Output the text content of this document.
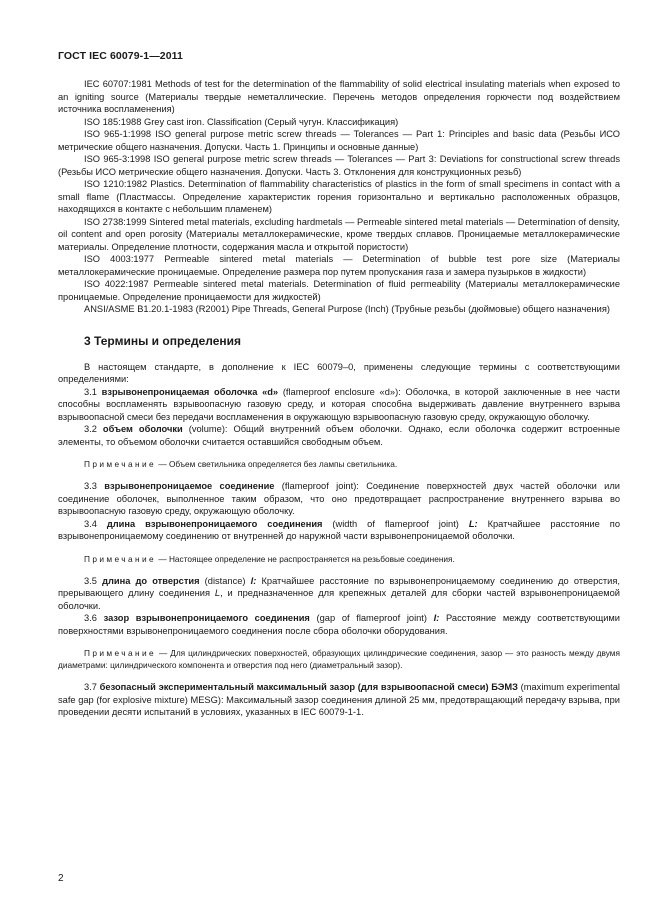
ГОСТ IEC 60079-1—2011

IEC 60707:1981 Methods of test for the determination of the flammability of solid electrical insulating materials when exposed to an igniting source (Материалы твердые неметаллические. Перечень методов определения горючести под воздействием источника воспламенения)

ISO 185:1988 Grey cast iron. Classification (Серый чугун. Классификация)

ISO 965-1:1998 ISO general purpose metric screw threads — Tolerances — Part 1: Principles and basic data (Резьбы ИСО метрические общего назначения. Допуски. Часть 1. Принципы и основные данные)

ISO 965-3:1998 ISO general purpose metric screw threads — Tolerances — Part 3: Deviations for constructional screw threads (Резьбы ИСО метрические общего назначения. Допуски. Часть 3. Отклонения для конструкционных резьб)

ISO 1210:1982 Plastics. Determination of flammability characteristics of plastics in the form of small specimens in contact with a small flame (Пластмассы. Определение характеристик горения горизонтально и вертикально расположенных образцов, находящихся в контакте с небольшим пламенем)

ISO 2738:1999 Sintered metal materials, excluding hardmetals — Permeable sintered metal materials — Determination of density, oil content and open porosity (Материалы металлокерамические, кроме твердых сплавов. Проницаемые металлокерамические материалы. Определение плотности, содержания масла и открытой пористости)

ISO 4003:1977 Permeable sintered metal materials — Determination of bubble test pore size (Материалы металлокерамические проницаемые. Определение размера пор путем пропускания газа и замера пузырьков в жидкости)

ISO 4022:1987 Permeable sintered metal materials. Determination of fluid permeability (Материалы металлокерамические проницаемые. Определение проницаемости для жидкостей)

ANSI/ASME B1.20.1-1983 (R2001) Pipe Threads, General Purpose (Inch) (Трубные резьбы (дюймовые) общего назначения)

3 Термины и определения

В настоящем стандарте, в дополнение к IEC 60079–0, применены следующие термины с соответствующими определениями:

3.1 взрывонепроницаемая оболочка «d» (flameproof enclosure «d»): Оболочка, в которой заключенные в нее части способны воспламенять взрывоопасную газовую среду, и которая способна выдерживать давление внутреннего взрыва взрывоопасной смеси без передачи воспламенения в окружающую взрывоопасную газовую среду, окружающую оболочку.

3.2 объем оболочки (volume): Общий внутренний объем оболочки. Однако, если оболочка содержит встроенные элементы, то объемом оболочки считается оставшийся свободным объем.

Примечание — Объем светильника определяется без лампы светильника.

3.3 взрывонепроницаемое соединение (flameproof joint): Соединение поверхностей двух частей оболочки или соединение оболочек, выполненное таким образом, что оно предотвращает распространение внутреннего взрыва во взрывоопасную газовую среду, окружающую оболочку.

3.4 длина взрывонепроницаемого соединения (width of flameproof joint) L: Кратчайшее расстояние по взрывонепроницаемому соединению от внутренней до наружной части взрывонепроницаемой оболочки.

Примечание — Настоящее определение не распространяется на резьбовые соединения.

3.5 длина до отверстия (distance) l: Кратчайшее расстояние по взрывонепроницаемому соединению до отверстия, прерывающего длину соединения L, и предназначенное для крепежных деталей для сборки частей взрывонепроницаемой оболочки.

3.6 зазор взрывонепроницаемого соединения (gap of flameproof joint) I: Расстояние между соответствующими поверхностями взрывонепроницаемого соединения после сбора оболочки оборудования.

Примечание — Для цилиндрических поверхностей, образующих цилиндрические соединения, зазор — это разность между двумя диаметрами: цилиндрического компонента и отверстия под него (диаметральный зазор).

3.7 безопасный экспериментальный максимальный зазор (для взрывоопасной смеси) БЭМЗ (maximum experimental safe gap (for explosive mixture) MESG): Максимальный зазор соединения длиной 25 мм, предотвращающий передачу взрыва, при проведении десяти испытаний в условиях, указанных в IEC 60079-1-1.

2
